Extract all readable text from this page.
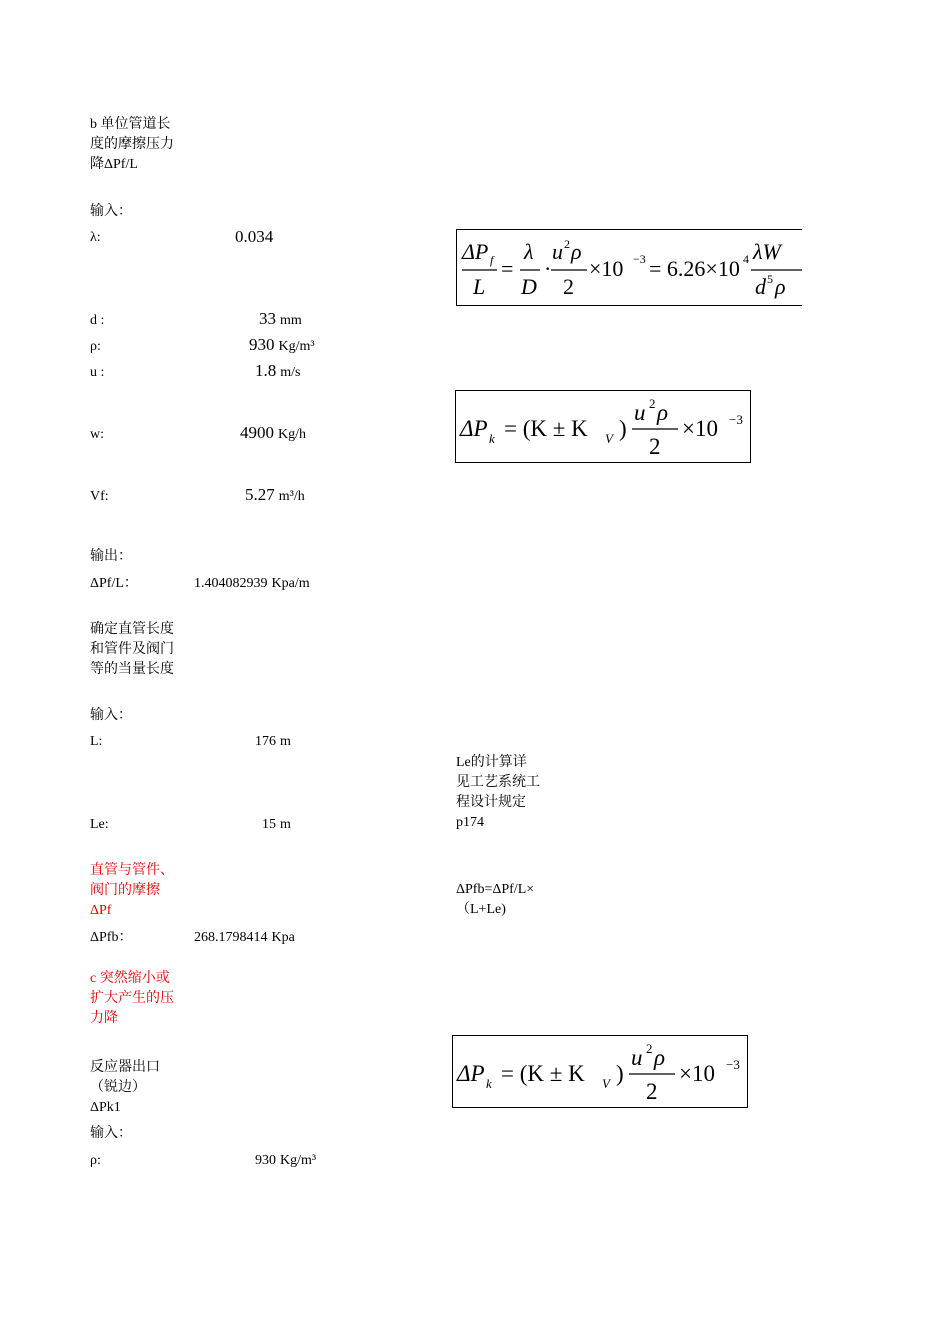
b 单位管道长度的摩擦压力降ΔPf/L
输入：
λ:	0.034
d :	33 mm
ρ:	930 Kg/m³
u :	1.8 m/s
w:	4900 Kg/h
Vf:	5.27 m³/h
输出：
ΔPf/L：	1.404082939 Kpa/m
确定直管长度和管件及阀门等的当量长度
输入：
L:	176 m
Le的计算详见工艺系统工程设计规定p174
Le:	15 m
直管与管件、阀门的摩擦ΔPf
ΔPfb=ΔPf/L×（L+Le)
ΔPfb：	268.1798414 Kpa
c 突然缩小或扩大产生的压力降
反应器出口（锐边）ΔPk1
输入：
ρ:	930 Kg/m³
ΔP f
L
=
λ
D
·
u 2 ρ
2
×10 −3 = 6.26×10 4 λW
d 5 ρ
ΔP k = (K ± K V )
u 2 ρ
2
×10 −3
ΔP k = (K ± K V )
u 2 ρ
2
×10 −3
